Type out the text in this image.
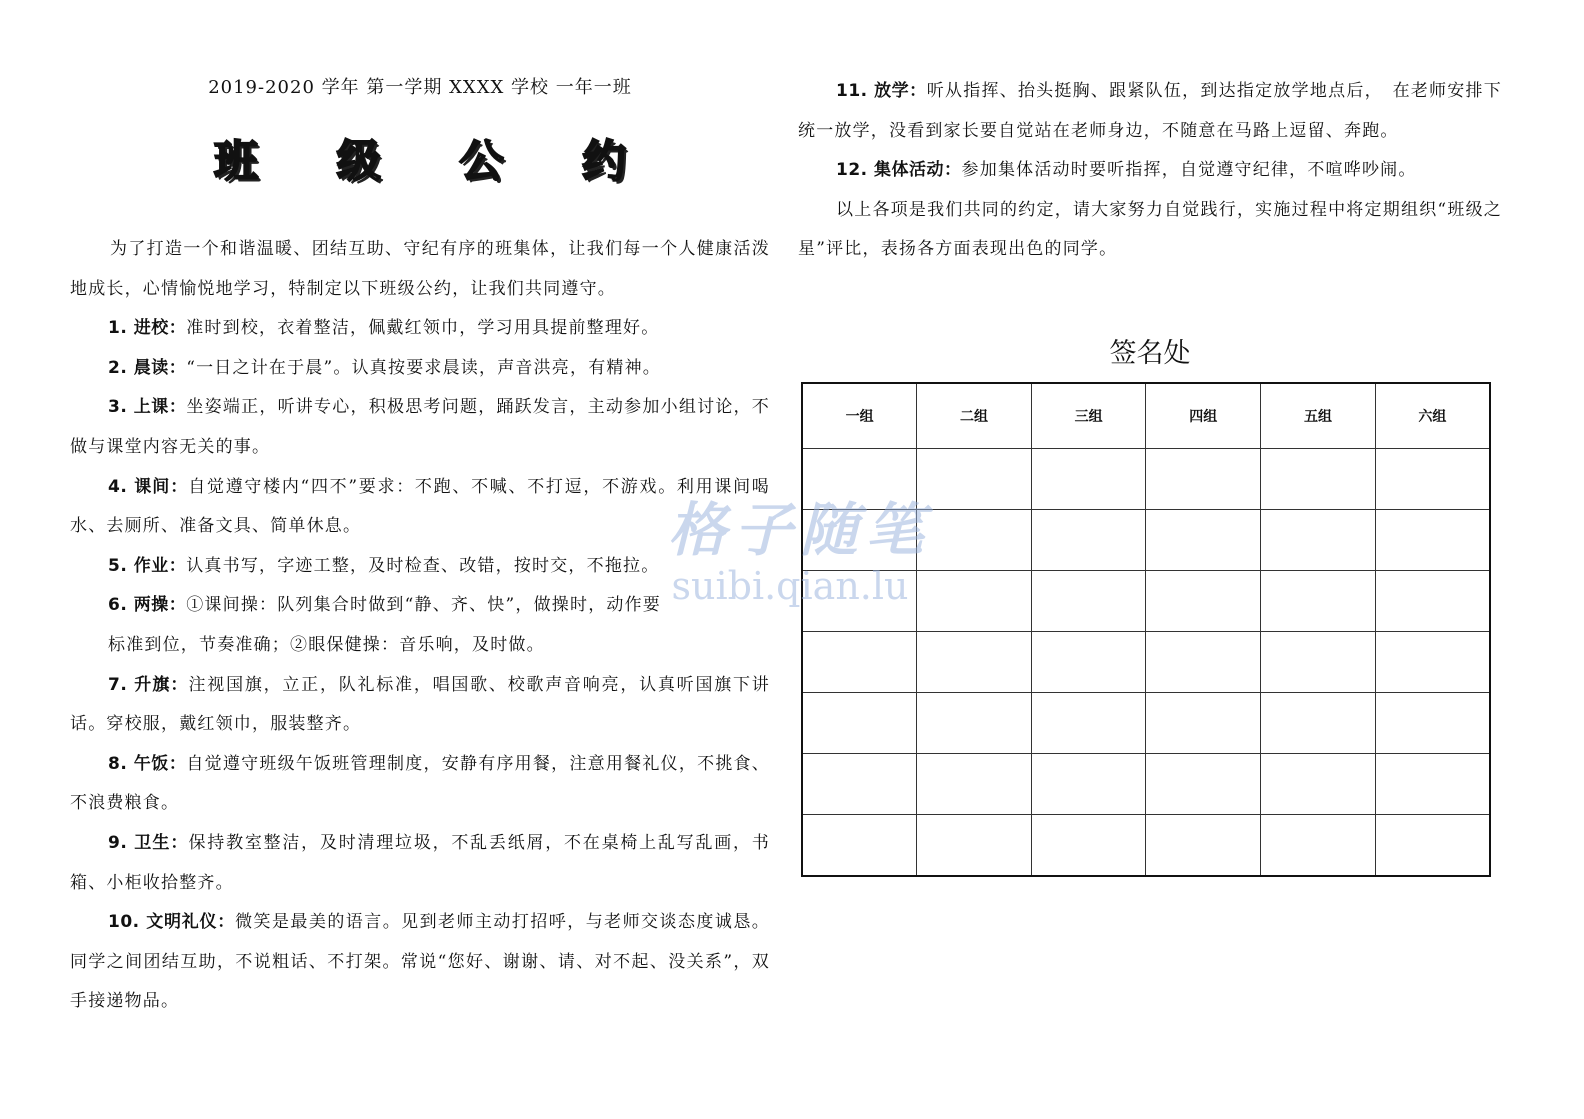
2019-2020 学年 第一学期 XXXX 学校 一年一班
班 级 公 约

为了打造一个和谐温暖、团结互助、守纪有序的班集体，让我们每一个人健康活泼地成长，心情愉悦地学习，特制定以下班级公约，让我们共同遵守。

1. 进校：准时到校，衣着整洁，佩戴红领巾，学习用具提前整理好。

2. 晨读：“一日之计在于晨”。认真按要求晨读，声音洪亮，有精神。

3. 上课：坐姿端正，听讲专心，积极思考问题，踊跃发言，主动参加小组讨论，不做与课堂内容无关的事。

4. 课间：自觉遵守楼内“四不”要求：不跑、不喊、不打逗，不游戏。利用课间喝水、去厕所、准备文具、简单休息。

5. 作业：认真书写，字迹工整，及时检查、改错，按时交，不拖拉。

6. 两操：①课间操：队列集合时做到“静、齐、快”，做操时，动作要

标准到位，节奏准确；②眼保健操：音乐响，及时做。

7. 升旗：注视国旗，立正，队礼标准，唱国歌、校歌声音响亮，认真听国旗下讲话。穿校服，戴红领巾，服装整齐。

8. 午饭：自觉遵守班级午饭班管理制度，安静有序用餐，注意用餐礼仪，不挑食、不浪费粮食。

9. 卫生：保持教室整洁，及时清理垃圾，不乱丢纸屑，不在桌椅上乱写乱画，书箱、小柜收拾整齐。

10. 文明礼仪：微笑是最美的语言。见到老师主动打招呼，与老师交谈态度诚恳。同学之间团结互助，不说粗话、不打架。常说“您好、谢谢、请、对不起、没关系”，双手接递物品。

11. 放学：听从指挥、抬头挺胸、跟紧队伍，到达指定放学地点后，　在老师安排下统一放学，没看到家长要自觉站在老师身边，不随意在马路上逗留、奔跑。

12. 集体活动：参加集体活动时要听指挥，自觉遵守纪律，不喧哗吵闹。

以上各项是我们共同的约定，请大家努力自觉践行，实施过程中将定期组织“班级之星”评比，表扬各方面表现出色的同学。

签名处
一组	二组	三组	四组	五组	六组

格子随笔
suibi.qian.lu
